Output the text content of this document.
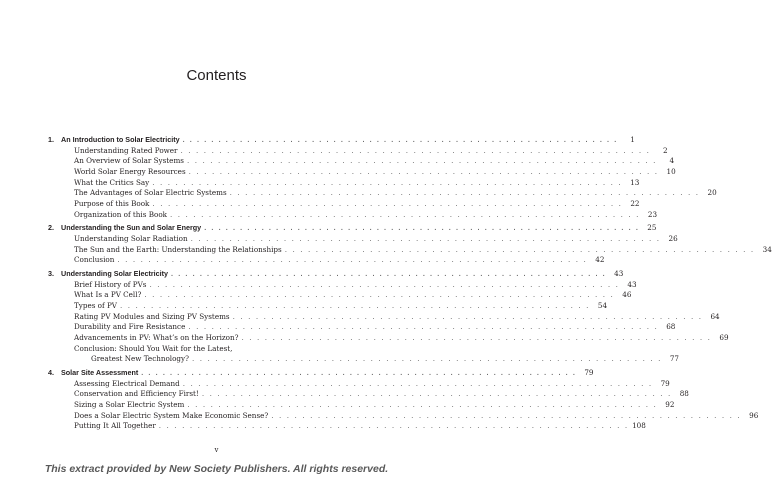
Contents
1. An Introduction to Solar Electricity . . . . . . . . . . . . . . . . . . . . . . . . . . . . . . . . . . . . . . . . . . . . . . . . . . . . . . . . . . . . .	1
Understanding Rated Power . . . . . . . . . . . . . . . . . . . . . . . . . . . . . . . . . . . . . . . . . . . . . . . . . . . . . . . . . . . . .	2
An Overview of Solar Systems . . . . . . . . . . . . . . . . . . . . . . . . . . . . . . . . . . . . . . . . . . . . . . . . . . . . . . . . . . . . .	4
World Solar Energy Resources . . . . . . . . . . . . . . . . . . . . . . . . . . . . . . . . . . . . . . . . . . . . . . . . . . . . . . . . . . . . .	10
What the Critics Say . . . . . . . . . . . . . . . . . . . . . . . . . . . . . . . . . . . . . . . . . . . . . . . . . . . . . . . . . . . . .	13
The Advantages of Solar Electric Systems . . . . . . . . . . . . . . . . . . . . . . . . . . . . . . . . . . . . . . . . . . . . . . . . . . . . . . . . . . . . .	20
Purpose of this Book . . . . . . . . . . . . . . . . . . . . . . . . . . . . . . . . . . . . . . . . . . . . . . . . . . . . . . . . . . . . .	22
Organization of this Book . . . . . . . . . . . . . . . . . . . . . . . . . . . . . . . . . . . . . . . . . . . . . . . . . . . . . . . . . . . . .	23
2. Understanding the Sun and Solar Energy . . . . . . . . . . . . . . . . . . . . . . . . . . . . . . . . . . . . . . . . . . . . . . . . . . . . . . . . . . . . .	25
Understanding Solar Radiation . . . . . . . . . . . . . . . . . . . . . . . . . . . . . . . . . . . . . . . . . . . . . . . . . . . . . . . . . . . . .	26
The Sun and the Earth: Understanding the Relationships . . . . . . . . . . . . . . . . . . . . . . . . . . . . . . . . . . . . . . . . . . . . . . . . . . . . . . . . . . . . .	34
Conclusion . . . . . . . . . . . . . . . . . . . . . . . . . . . . . . . . . . . . . . . . . . . . . . . . . . . . . . . . . . . . .	42
3. Understanding Solar Electricity . . . . . . . . . . . . . . . . . . . . . . . . . . . . . . . . . . . . . . . . . . . . . . . . . . . . . . . . . . . . .	43
Brief History of PVs . . . . . . . . . . . . . . . . . . . . . . . . . . . . . . . . . . . . . . . . . . . . . . . . . . . . . . . . . . . . .	43
What Is a PV Cell? . . . . . . . . . . . . . . . . . . . . . . . . . . . . . . . . . . . . . . . . . . . . . . . . . . . . . . . . . . . . .	46
Types of PV . . . . . . . . . . . . . . . . . . . . . . . . . . . . . . . . . . . . . . . . . . . . . . . . . . . . . . . . . . . . .	54
Rating PV Modules and Sizing PV Systems . . . . . . . . . . . . . . . . . . . . . . . . . . . . . . . . . . . . . . . . . . . . . . . . . . . . . . . . . . . . .	64
Durability and Fire Resistance . . . . . . . . . . . . . . . . . . . . . . . . . . . . . . . . . . . . . . . . . . . . . . . . . . . . . . . . . . . . .	68
Advancements in PV: What’s on the Horizon? . . . . . . . . . . . . . . . . . . . . . . . . . . . . . . . . . . . . . . . . . . . . . . . . . . . . . . . . . . . . .	69
Conclusion: Should You Wait for the Latest,
Greatest New Technology? . . . . . . . . . . . . . . . . . . . . . . . . . . . . . . . . . . . . . . . . . . . . . . . . . . . . . . . . . . . . .	77
4. Solar Site Assessment . . . . . . . . . . . . . . . . . . . . . . . . . . . . . . . . . . . . . . . . . . . . . . . . . . . . . . . . . . . . .	79
Assessing Electrical Demand . . . . . . . . . . . . . . . . . . . . . . . . . . . . . . . . . . . . . . . . . . . . . . . . . . . . . . . . . . . . .	79
Conservation and Efficiency First! . . . . . . . . . . . . . . . . . . . . . . . . . . . . . . . . . . . . . . . . . . . . . . . . . . . . . . . . . . . . .	88
Sizing a Solar Electric System . . . . . . . . . . . . . . . . . . . . . . . . . . . . . . . . . . . . . . . . . . . . . . . . . . . . . . . . . . . . .	92
Does a Solar Electric System Make Economic Sense? . . . . . . . . . . . . . . . . . . . . . . . . . . . . . . . . . . . . . . . . . . . . . . . . . . . . . . . . . . . . .	96
Putting It All Together . . . . . . . . . . . . . . . . . . . . . . . . . . . . . . . . . . . . . . . . . . . . . . . . . . . . . . . . . . . . . 108
v
This extract provided by New Society Publishers. All rights reserved.
